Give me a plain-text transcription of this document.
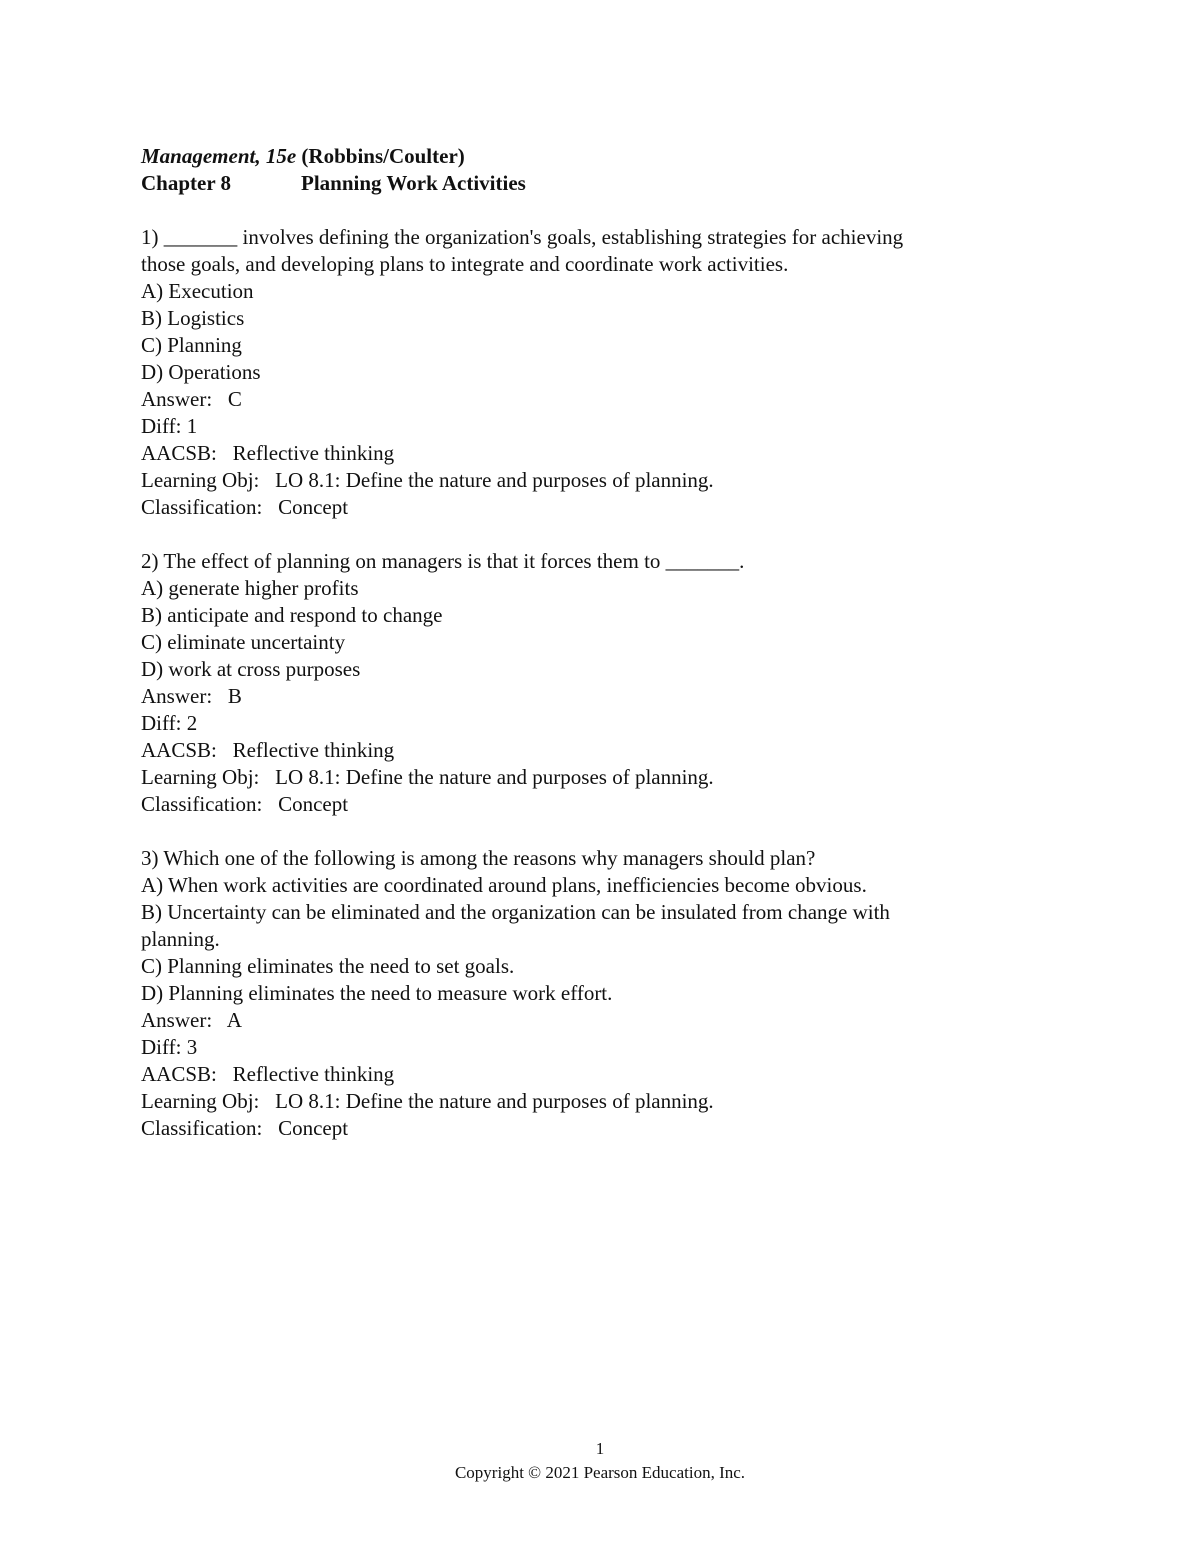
Management, 15e (Robbins/Coulter)
Chapter 8	Planning Work Activities
1) _______ involves defining the organization's goals, establishing strategies for achieving
those goals, and developing plans to integrate and coordinate work activities.
A) Execution
B) Logistics
C) Planning
D) Operations
Answer:   C
Diff: 1
AACSB:   Reflective thinking
Learning Obj:   LO 8.1: Define the nature and purposes of planning.
Classification:   Concept
2) The effect of planning on managers is that it forces them to _______.
A) generate higher profits
B) anticipate and respond to change
C) eliminate uncertainty
D) work at cross purposes
Answer:   B
Diff: 2
AACSB:   Reflective thinking
Learning Obj:   LO 8.1: Define the nature and purposes of planning.
Classification:   Concept
3) Which one of the following is among the reasons why managers should plan?
A) When work activities are coordinated around plans, inefficiencies become obvious.
B) Uncertainty can be eliminated and the organization can be insulated from change with
planning.
C) Planning eliminates the need to set goals.
D) Planning eliminates the need to measure work effort.
Answer:   A
Diff: 3
AACSB:   Reflective thinking
Learning Obj:   LO 8.1: Define the nature and purposes of planning.
Classification:   Concept
1
Copyright © 2021 Pearson Education, Inc.
